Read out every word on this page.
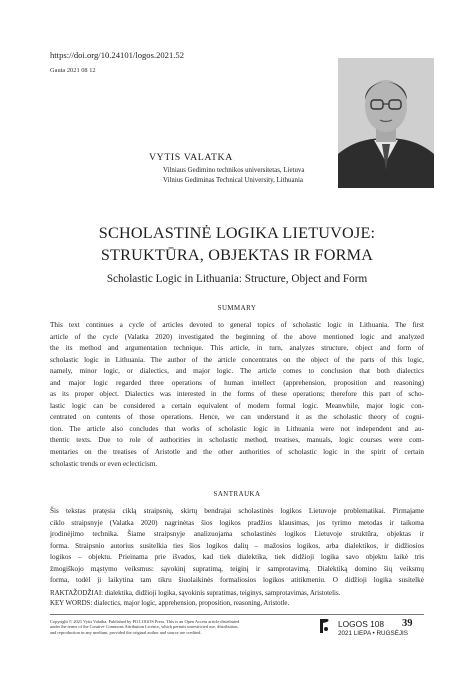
https://doi.org/10.24101/logos.2021.52
Gauta 2021 08 12
VYTIS VALATKA
Vilniaus Gedimino technikos universitetas, Lietuva
Vilnius Gediminas Technical University, Lithuania
SCHOLASTINĖ LOGIKA LIETUVOJE:
STRUKTŪRA, OBJEKTAS IR FORMA
Scholastic Logic in Lithuania: Structure, Object and Form
SUMMARY
This text continues a cycle of articles devoted to general topics of scholastic logic in Lithuania. The first
article of the cycle (Valatka 2020) investigated the beginning of the above mentioned logic and analyzed
the its method and argumentation technique. This article, in turn, analyzes structure, object and form of
scholastic logic in Lithuania. The author of the article concentrates on the object of the parts of this logic,
namely, minor logic, or dialectics, and major logic. The article comes to conclusion that both dialectics
and major logic regarded three operations of human intellect (apprehension, proposition and reasoning)
as its proper object. Dialectics was interested in the forms of these operations; therefore this part of scho-
lastic logic can be considered a certain equivalent of modern formal logic. Meanwhile, major logic con-
centrated on contents of those operations. Hence, we can understand it as the scholastic theory of cogni-
tion. The article also concludes that works of scholastic logic in Lithuania were not independent and au-
thentic texts. Due to role of authorities in scholastic method, treatises, manuals, logic courses were com-
mentaries on the treatises of Aristotle and the other authorities of scholastic logic in the spirit of certain
scholastic trends or even eclecticism.
SANTRAUKA
Šis tekstas pratęsia ciklą straipsnių, skirtų bendrajai scholastinės logikos Lietuvoje problematikai. Pirmajame
ciklo straipsnyje (Valatka 2020) nagrinėtas šios logikos pradžios klausimas, jos tyrimo metodas ir taikoma
įrodinėjimo technika. Šiame straipsnyje analizuojama scholastinės logikos Lietuvoje struktūra, objektas ir
forma. Straipsnio autorius susitelkia ties šios logikos dalių – mažosios logikos, arba dialektikos, ir didžiosios
logikos – objektu. Prieinama prie išvados, kad tiek dialektika, tiek didžioji logika savo objektu laikė tris
žmogiškojo mąstymo veiksmus: sąvokinį supratimą, teiginį ir samprotavimą. Dialektiką domino šių veiksmų
forma, todėl ji laikytina tam tikru šiuolaikinės formaliosios logikos atitikmeniu. O didžioji logika susitelkė
RAKTAŽODŽIAI: dialektika, didžioji logika, sąvokinis supratimas, teiginys, samprotavimas, Aristotelis.
KEY WORDS: dialectics, major logic, apprehension, proposition, reasoning, Aristotle.
Copyright © 2021 Vytis Valatka. Published by PO LOGOS Press. This is an Open Access article distributed
under the terms of the Creative Commons Attribution Licence, which permits unrestricted use, distribution,
and reproduction in any medium, provided the original author and source are credited.
LOGOS 108
2021 LIEPA • RUGSĖJIS
39
